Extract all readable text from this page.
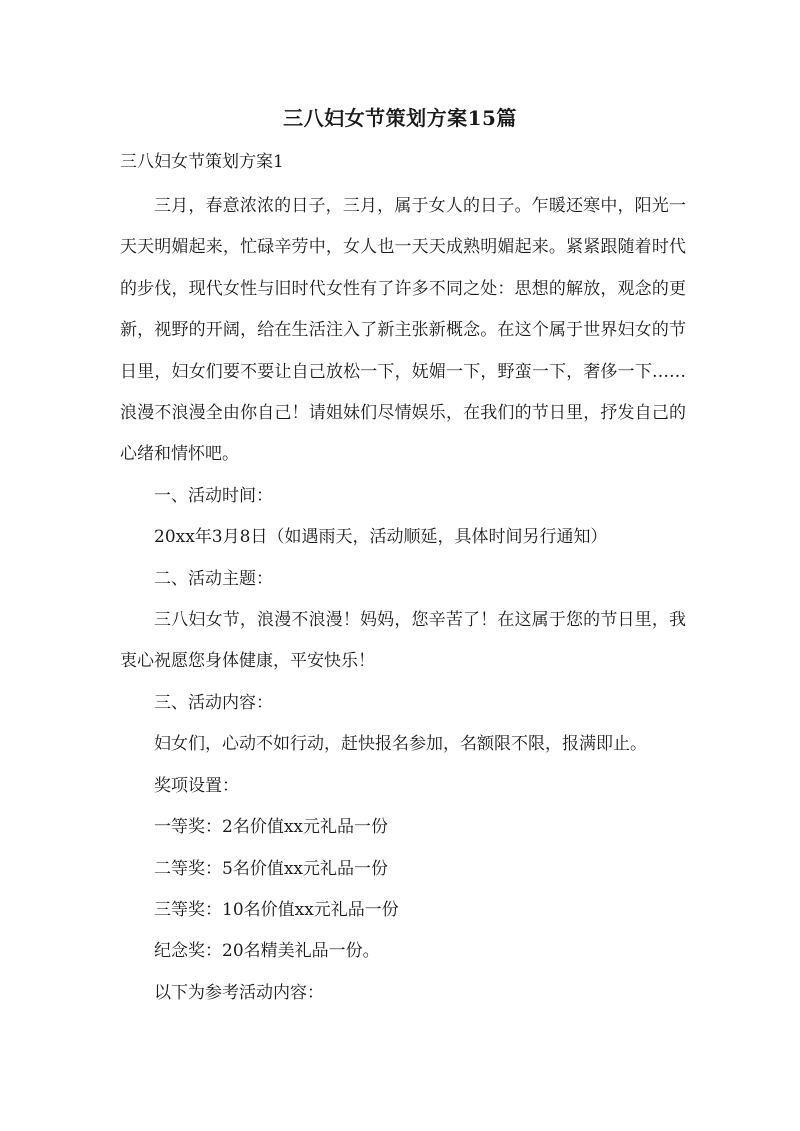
三八妇女节策划方案15篇
三八妇女节策划方案1

三月，春意浓浓的日子，三月，属于女人的日子。乍暖还寒中，阳光一天天明媚起来，忙碌辛劳中，女人也一天天成熟明媚起来。紧紧跟随着时代的步伐，现代女性与旧时代女性有了许多不同之处：思想的解放，观念的更新，视野的开阔，给在生活注入了新主张新概念。在这个属于世界妇女的节日里，妇女们要不要让自己放松一下，妩媚一下，野蛮一下，奢侈一下……浪漫不浪漫全由你自己！请姐妹们尽情娱乐，在我们的节日里，抒发自己的心绪和情怀吧。

一、活动时间：

20xx年3月8日（如遇雨天，活动顺延，具体时间另行通知）

二、活动主题：

三八妇女节，浪漫不浪漫！妈妈，您辛苦了！在这属于您的节日里，我衷心祝愿您身体健康，平安快乐！

三、活动内容：

妇女们，心动不如行动，赶快报名参加，名额限不限，报满即止。

奖项设置：

一等奖：2名价值xx元礼品一份

二等奖：5名价值xx元礼品一份

三等奖：10名价值xx元礼品一份

纪念奖：20名精美礼品一份。

以下为参考活动内容：
